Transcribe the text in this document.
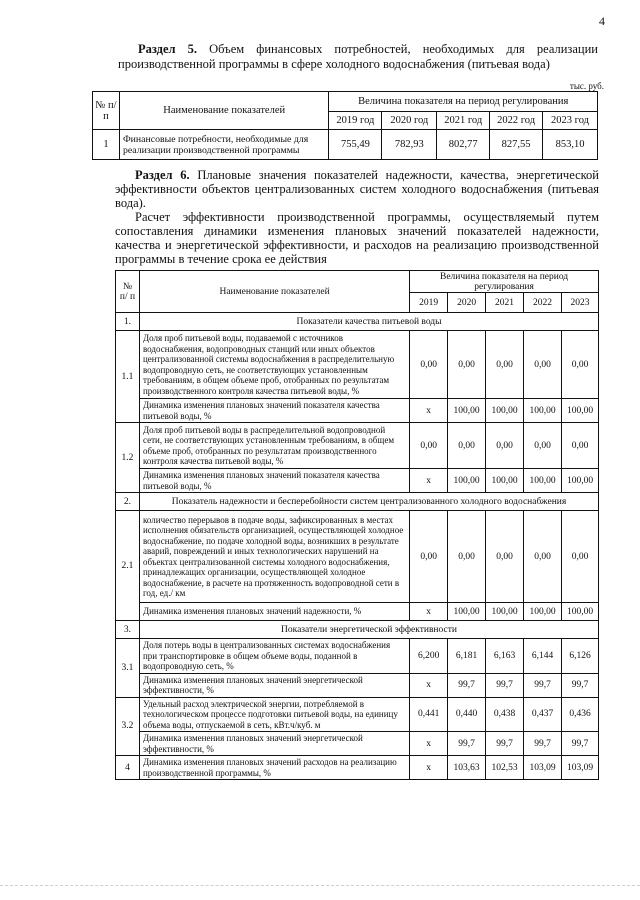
4
Раздел 5. Объем финансовых потребностей, необходимых для реализации производственной программы в сфере холодного водоснабжения (питьевая вода)
тыс. руб.
№ п/п	Наименование показателей	Величина показателя на период регулирования				
		2019 год	2020 год	2021 год	2022 год	2023 год
1	Финансовые потребности, необходимые для реализации производственной программы	755,49	782,93	802,77	827,55	853,10

Раздел 6. Плановые значения показателей надежности, качества, энергетической эффективности объектов централизованных систем холодного водоснабжения (питьевая вода).

Расчет эффективности производственной программы, осуществляемый путем сопоставления динамики изменения плановых значений показателей надежности, качества и энергетической эффективности, и расходов на реализацию производственной программы в течение срока ее действия

№ п/ п	Наименование показателей	Величина показателя на период регулирования				
		2019	2020	2021	2022	2023
1.	Показатели качества питьевой воды					
1.1	Доля проб питьевой воды, подаваемой с источников водоснабжения, водопроводных станций или иных объектов централизованной системы водоснабжения в распределительную водопроводную сеть, не соответствующих установленным требованиям, в общем объеме проб, отобранных по результатам производственного контроля качества питьевой воды, %	0,00	0,00	0,00	0,00	0,00
	Динамика изменения плановых значений показателя качества питьевой воды, %	x	100,00	100,00	100,00	100,00
1.2	Доля проб питьевой воды в распределительной водопроводной сети, не соответствующих установленным требованиям, в общем объеме проб, отобранных по результатам производственного контроля качества питьевой воды, %	0,00	0,00	0,00	0,00	0,00
	Динамика изменения плановых значений показателя качества питьевой воды, %	x	100,00	100,00	100,00	100,00
2.	Показатель надежности и бесперебойности систем централизованного холодного водоснабжения					
2.1	количество перерывов в подаче воды, зафиксированных в местах исполнения обязательств организацией, осуществляющей холодное водоснабжение, по подаче холодной воды, возникших в результате аварий, повреждений и иных технологических нарушений на объектах централизованной системы холодного водоснабжения, принадлежащих организации, осуществляющей холодное водоснабжение, в расчете на протяженность водопроводной сети в год, ед./ км	0,00	0,00	0,00	0,00	0,00
	Динамика изменения плановых значений надежности, %	x	100,00	100,00	100,00	100,00
3.	Показатели энергетической эффективности					
3.1	Доля потерь воды в централизованных системах водоснабжения при транспортировке в общем объеме воды, поданной в водопроводную сеть, %	6,200	6,181	6,163	6,144	6,126
	Динамика изменения плановых значений энергетической эффективности, %	x	99,7	99,7	99,7	99,7
3.2	Удельный расход электрической энергии, потребляемой в технологическом процессе подготовки питьевой воды, на единицу объема воды, отпускаемой в сеть, кВт.ч/куб. м	0,441	0,440	0,438	0,437	0,436
	Динамика изменения плановых значений энергетической эффективности, %	x	99,7	99,7	99,7	99,7
4	Динамика изменения плановых значений расходов на реализацию производственной программы, %	x	103,63	102,53	103,09	103,09
